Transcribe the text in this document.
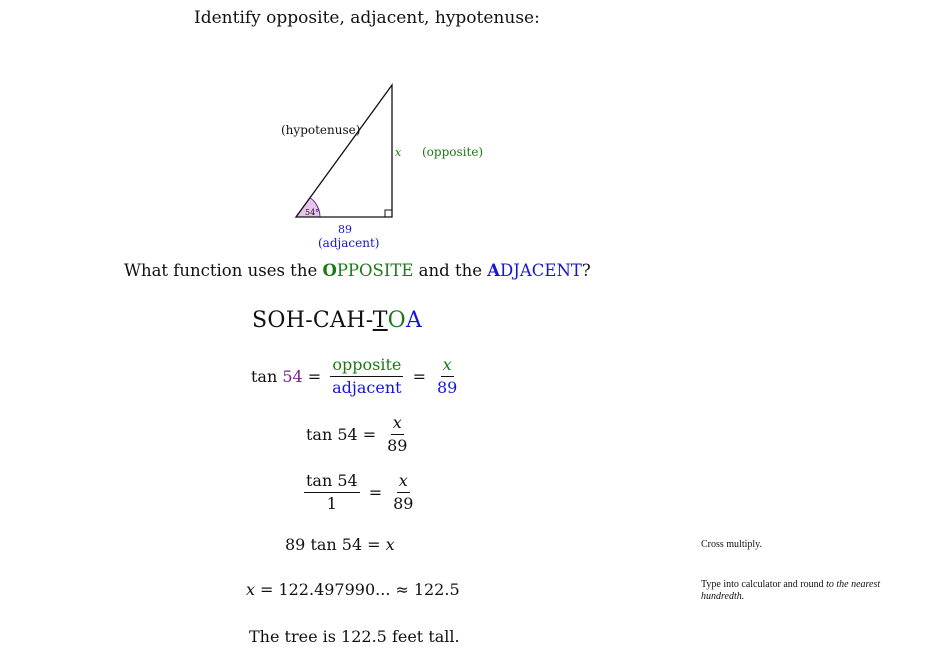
Identify opposite, adjacent, hypotenuse:
(hypotenuse)
x (opposite)
54°
89
(adjacent)
What function uses the OPPOSITE and the ADJACENT?
SOH-CAH-TOA
tan
$54 = \frac{\text{opposite}}{\text{adjacent}} = \frac{x}{89}$
$\tan 54 = \frac{x}{89}$
$\frac{\tan 54}{1} = \frac{x}{89}$
89 tan 54 = x
x = 122.497990... ≈ 122.5
The tree is 122.5 feet tall.
Cross multiply.
Type into calculator and round to the nearest hundredth.
